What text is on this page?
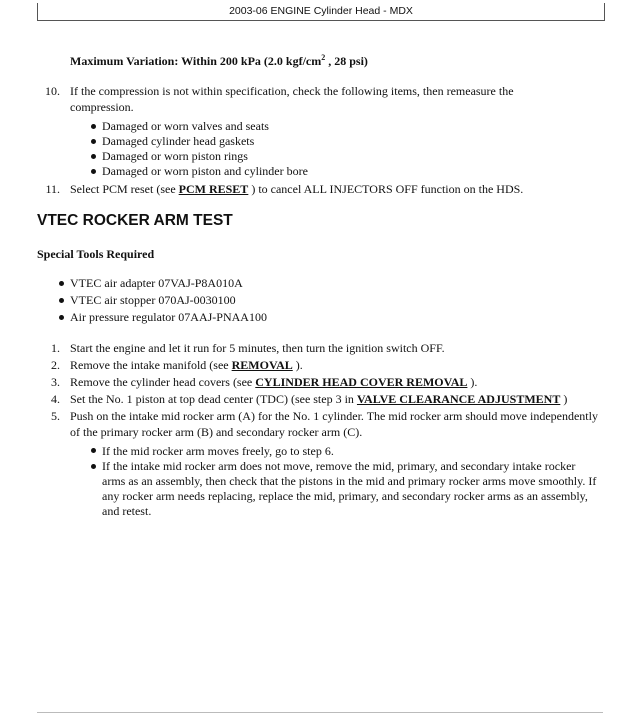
2003-06 ENGINE Cylinder Head - MDX
Maximum Variation: Within 200 kPa (2.0 kgf/$cm^2$ , 28 psi)
10. If the compression is not within specification, check the following items, then remeasure the compression.
Damaged or worn valves and seats
Damaged cylinder head gaskets
Damaged or worn piston rings
Damaged or worn piston and cylinder bore
11. Select PCM reset (see PCM RESET ) to cancel ALL INJECTORS OFF function on the HDS.
VTEC ROCKER ARM TEST
Special Tools Required
VTEC air adapter 07VAJ-P8A010A
VTEC air stopper 070AJ-0030100
Air pressure regulator 07AAJ-PNAA100
1. Start the engine and let it run for 5 minutes, then turn the ignition switch OFF.
2. Remove the intake manifold (see REMOVAL ).
3. Remove the cylinder head covers (see CYLINDER HEAD COVER REMOVAL ).
4. Set the No. 1 piston at top dead center (TDC) (see step 3 in VALVE CLEARANCE ADJUSTMENT )
5. Push on the intake mid rocker arm (A) for the No. 1 cylinder. The mid rocker arm should move independently of the primary rocker arm (B) and secondary rocker arm (C).
If the mid rocker arm moves freely, go to step 6.
If the intake mid rocker arm does not move, remove the mid, primary, and secondary intake rocker arms as an assembly, then check that the pistons in the mid and primary rocker arms move smoothly. If any rocker arm needs replacing, replace the mid, primary, and secondary rocker arms as an assembly, and retest.
